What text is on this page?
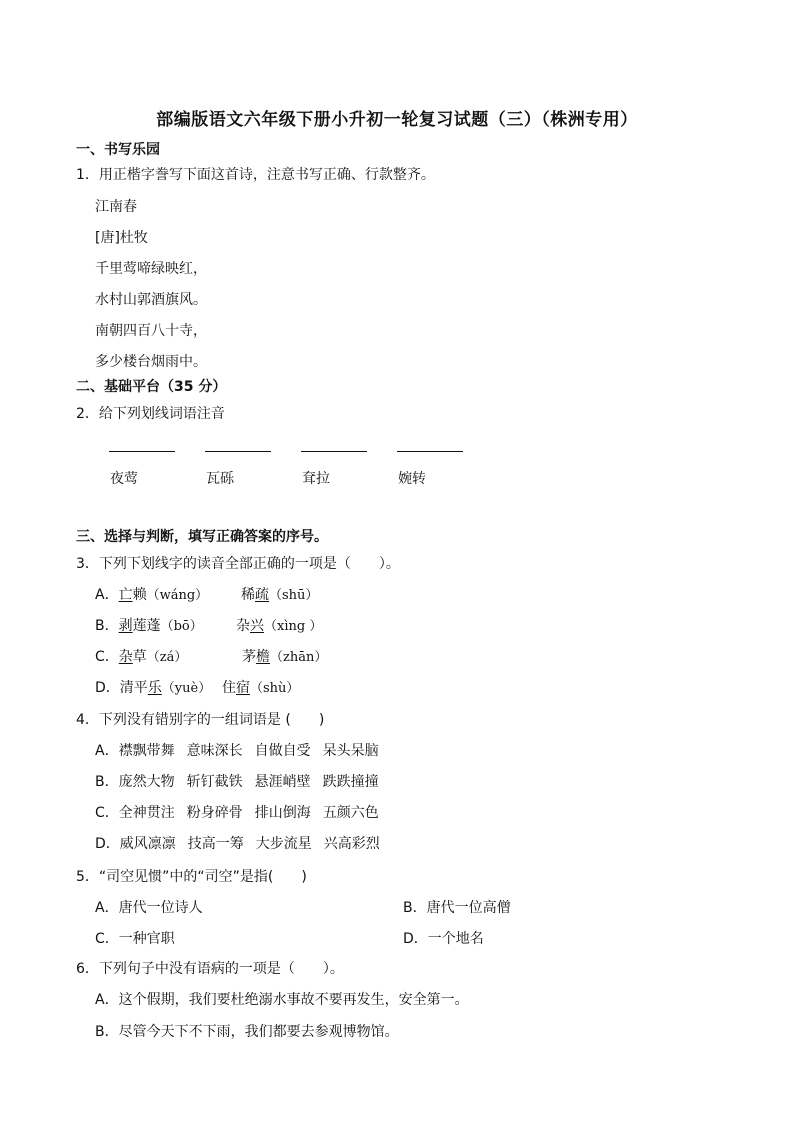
部编版语文六年级下册小升初一轮复习试题（三）（株洲专用）
一、书写乐园
1．用正楷字誊写下面这首诗，注意书写正确、行款整齐。
江南春
[唐]杜牧
千里莺啼绿映红，
水村山郭酒旗风。
南朝四百八十寺，
多少楼台烟雨中。
二、基础平台（35 分）
2．给下列划线词语注音
夜莺	瓦砾	耷拉	婉转
三、选择与判断，填写正确答案的序号。
3．下列下划线字的读音全部正确的一项是（　　）。
A．亡赖（wáng） 稀疏（shū）
B．剥莲蓬（bō） 杂兴（xìng ）
C．杂草（zá）	茅檐（zhān）
D．清平乐（yuè） 住宿（shù）
4．下列没有错别字的一组词语是 (　　)
A．襟飘带舞 意味深长 自做自受 呆头呆脑
B．庞然大物 斩钉截铁 悬涯峭壁 跌跌撞撞
C．全神贯注 粉身碎骨 排山倒海 五颜六色
D．威风凛凛 技高一筹 大步流星 兴高彩烈
5．“司空见惯”中的“司空”是指(　　)
A．唐代一位诗人	B．唐代一位高僧
C．一种官职	D．一个地名
6．下列句子中没有语病的一项是（　　）。
A．这个假期，我们要杜绝溺水事故不要再发生，安全第一。
B．尽管今天下不下雨，我们都要去参观博物馆。
